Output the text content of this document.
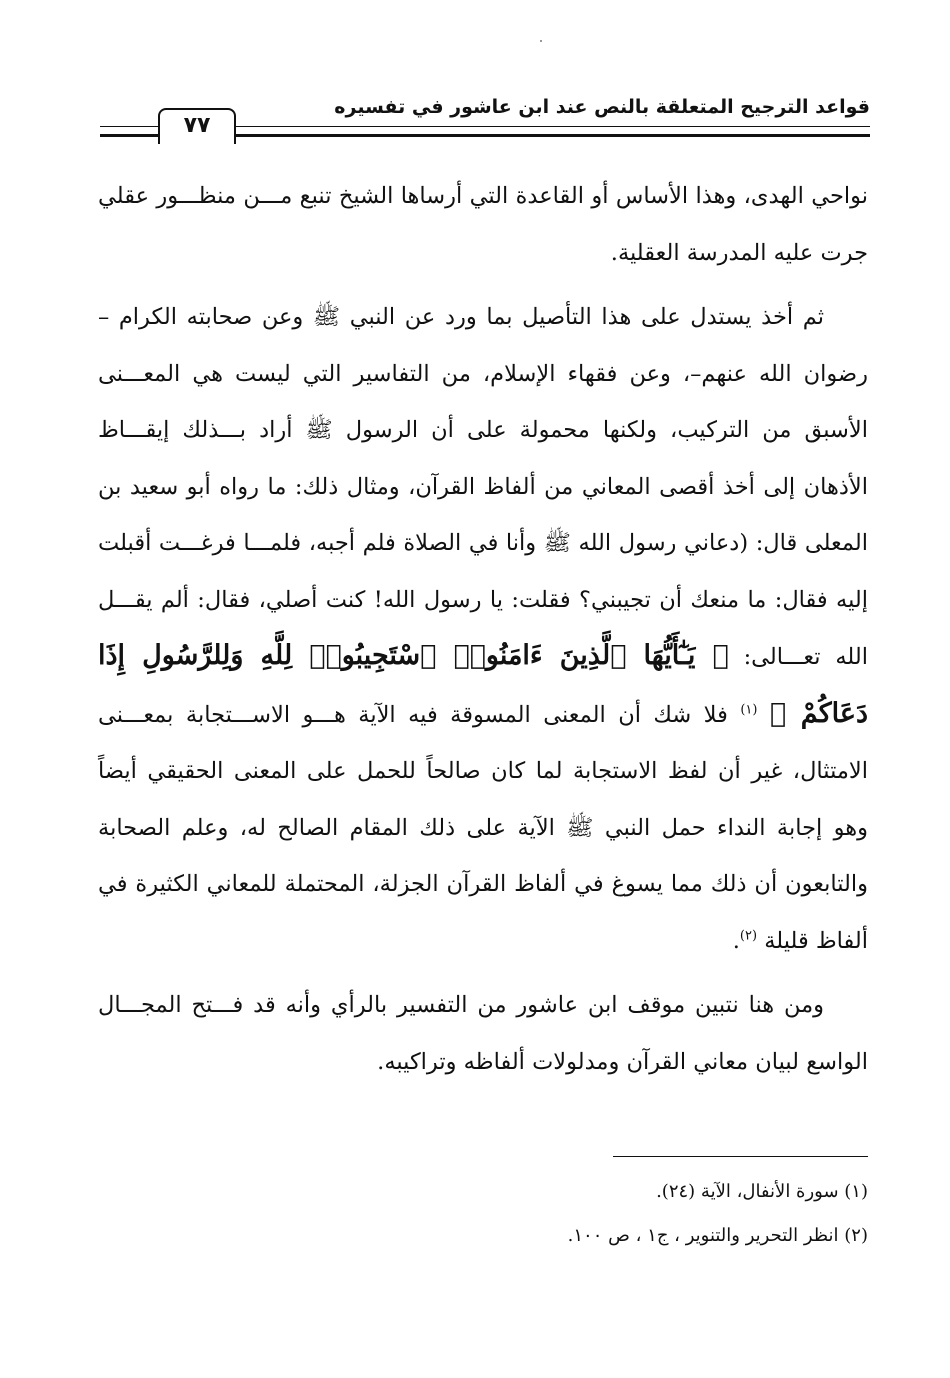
قواعد الترجيح المتعلقة بالنص عند ابن عاشور في تفسيره
٧٧

نواحي الهدى، وهذا الأساس أو القاعدة التي أرساها الشيخ تنبع مـــن منظـــور عقلي جرت عليه المدرسة العقلية.

ثم أخذ يستدل على هذا التأصيل بما ورد عن النبي ﷺ وعن صحابته الكرام – رضوان الله عنهم–، وعن فقهاء الإسلام، من التفاسير التي ليست هي المعـــنى الأسبق من التركيب، ولكنها محمولة على أن الرسول ﷺ أراد بـــذلك إيقـــاظ الأذهان إلى أخذ أقصى المعاني من ألفاظ القرآن، ومثال ذلك: ما رواه أبو سعيد بن المعلى قال: (دعاني رسول الله ﷺ وأنا في الصلاة فلم أجبه، فلمـــا فرغـــت أقبلت إليه فقال: ما منعك أن تجيبني؟ فقلت: يا رسول الله! كنت أصلي، فقال: ألم يقـــل الله تعـــالى: ﴿ يَـٰٓأَيُّهَا ٱلَّذِينَ ءَامَنُوا۟ ٱسْتَجِيبُوا۟ لِلَّهِ وَلِلرَّسُولِ إِذَا دَعَاكُمْ ﴾ $^{(١)}$ فلا شك أن المعنى المسوقة فيه الآية هـــو الاســـتجابة بمعـــنى الامتثال، غير أن لفظ الاستجابة لما كان صالحاً للحمل على المعنى الحقيقي أيضاً وهو إجابة النداء حمل النبي ﷺ الآية على ذلك المقام الصالح له، وعلم الصحابة والتابعون أن ذلك مما يسوغ في ألفاظ القرآن الجزلة، المحتملة للمعاني الكثيرة في ألفاظ قليلة $^{(٢)}$.

ومن هنا نتبين موقف ابن عاشور من التفسير بالرأي وأنه قد فـــتح المجـــال الواسع لبيان معاني القرآن ومدلولات ألفاظه وتراكيبه.

(١) سورة الأنفال، الآية (٢٤).
(٢) انظر التحرير والتنوير ، ج١ ، ص ١٠٠.
